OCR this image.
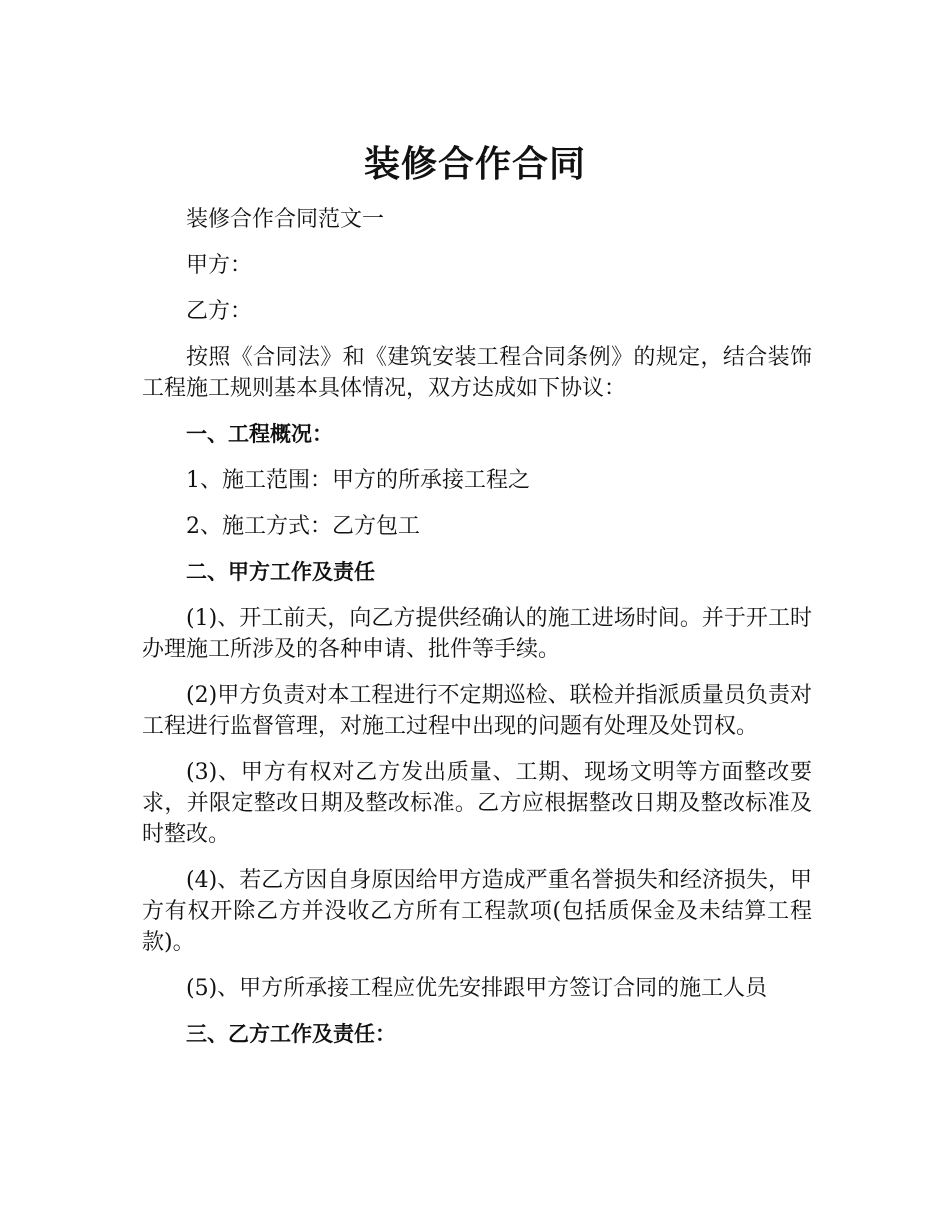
装修合作合同

装修合作合同范文一

甲方：

乙方：

按照《合同法》和《建筑安装工程合同条例》的规定，结合装饰工程施工规则基本具体情况，双方达成如下协议：

一、工程概况：

1、施工范围：甲方的所承接工程之

2、施工方式：乙方包工

二、甲方工作及责任

(1)、开工前天，向乙方提供经确认的施工进场时间。并于开工时办理施工所涉及的各种申请、批件等手续。

(2)甲方负责对本工程进行不定期巡检、联检并指派质量员负责对工程进行监督管理，对施工过程中出现的问题有处理及处罚权。

(3)、甲方有权对乙方发出质量、工期、现场文明等方面整改要求，并限定整改日期及整改标准。乙方应根据整改日期及整改标准及时整改。

(4)、若乙方因自身原因给甲方造成严重名誉损失和经济损失，甲方有权开除乙方并没收乙方所有工程款项(包括质保金及未结算工程款)。

(5)、甲方所承接工程应优先安排跟甲方签订合同的施工人员

三、乙方工作及责任：
